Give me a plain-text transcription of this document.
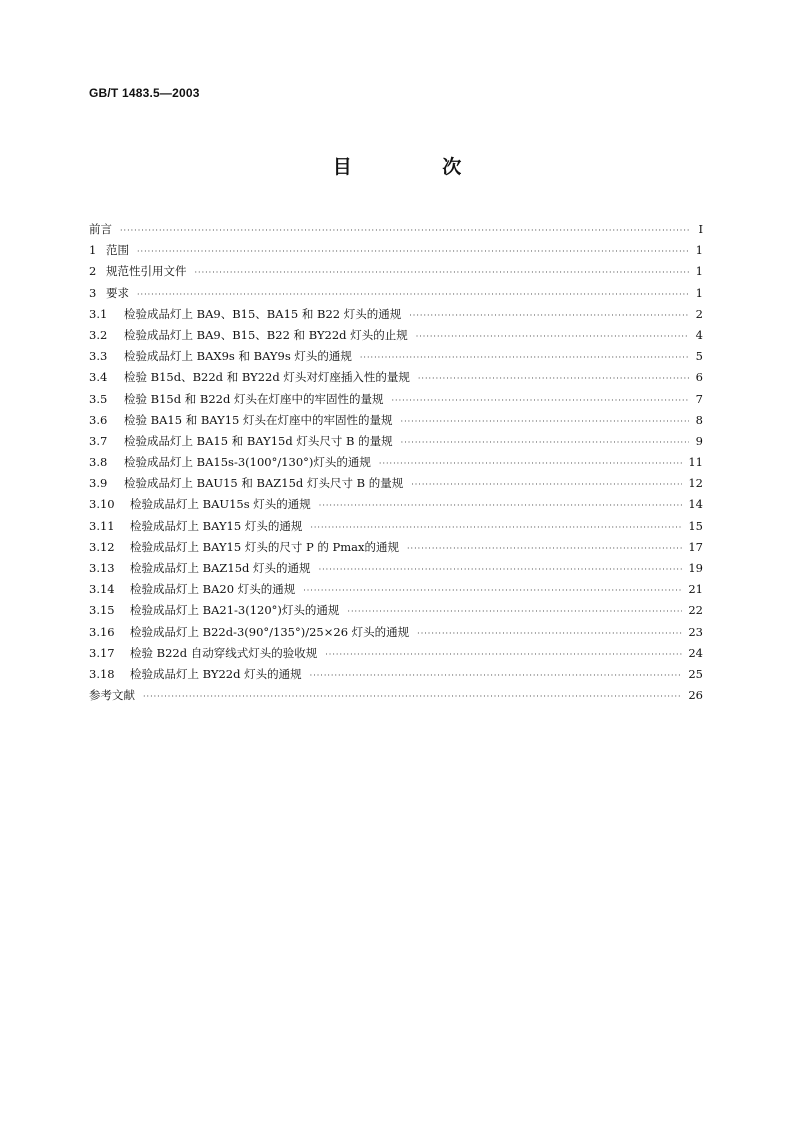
GB/T 1483.5—2003
目 次
前言 ·····	I
1 范围 ·····	1
2 规范性引用文件 ·····	1
3 要求 ·····	1
3.1	检验成品灯上 BA9、B15、BA15 和 B22 灯头的通规 ·····	2
3.2	检验成品灯上 BA9、B15、B22 和 BY22d 灯头的止规 ·····	4
3.3	检验成品灯上 BAX9s 和 BAY9s 灯头的通规 ·····	5
3.4	检验 B15d、B22d 和 BY22d 灯头对灯座插入性的量规 ·····	6
3.5	检验 B15d 和 B22d 灯头在灯座中的牢固性的量规 ·····	7
3.6	检验 BA15 和 BAY15 灯头在灯座中的牢固性的量规 ·····	8
3.7	检验成品灯上 BA15 和 BAY15d 灯头尺寸 B 的量规 ·····	9
3.8	检验成品灯上 BA15s-3(100°/130°)灯头的通规 ·····	11
3.9	检验成品灯上 BAU15 和 BAZ15d 灯头尺寸 B 的量规 ·····	12
3.10	检验成品灯上 BAU15s 灯头的通规 ·····	14
3.11	检验成品灯上 BAY15 灯头的通规 ·····	15
3.12	检验成品灯上 BAY15 灯头的尺寸 P 的 Pmax的通规 ·····	17
3.13	检验成品灯上 BAZ15d 灯头的通规 ·····	19
3.14	检验成品灯上 BA20 灯头的通规 ·····	21
3.15	检验成品灯上 BA21-3(120°)灯头的通规 ·····	22
3.16	检验成品灯上 B22d-3(90°/135°)/25×26 灯头的通规 ·····	23
3.17	检验 B22d 自动穿线式灯头的验收规 ·····	24
3.18	检验成品灯上 BY22d 灯头的通规 ·····	25
参考文献 ·····	26
